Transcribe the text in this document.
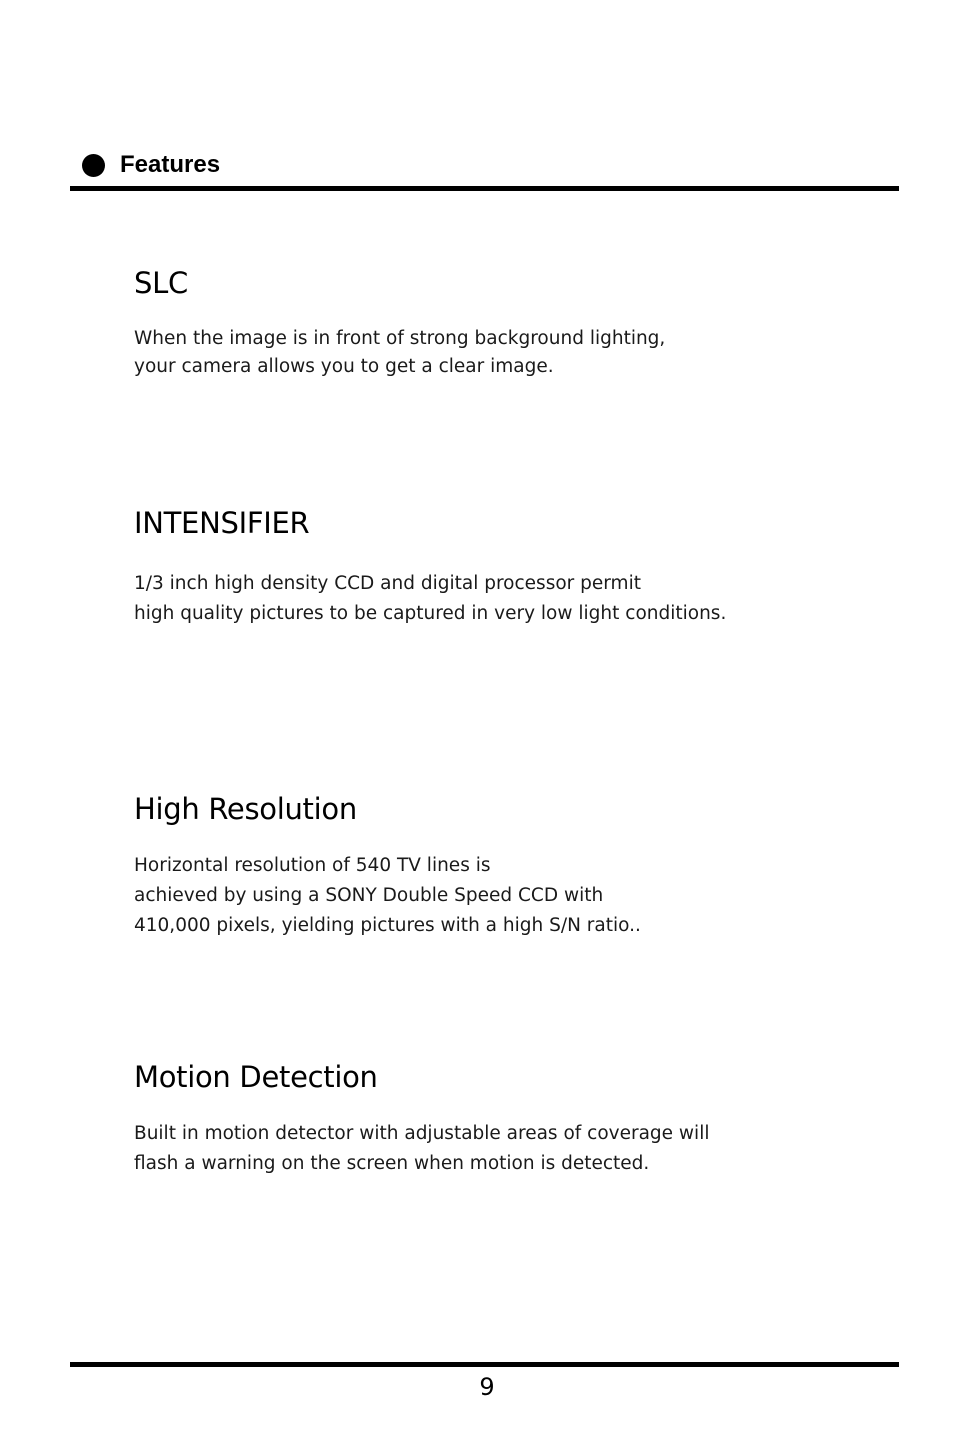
Features
SLC
When the image is in front of strong background lighting,
your camera allows you to get a clear image.
INTENSIFIER
1/3 inch high density CCD and digital processor permit
high quality pictures to be captured in very low light conditions.
High Resolution
Horizontal resolution of 540 TV lines is
achieved by using a SONY Double Speed CCD with
410,000 pixels, yielding pictures with a high S/N ratio..
Motion Detection
Built in motion detector with adjustable areas of coverage will
flash a warning on the screen when motion is detected.
9
